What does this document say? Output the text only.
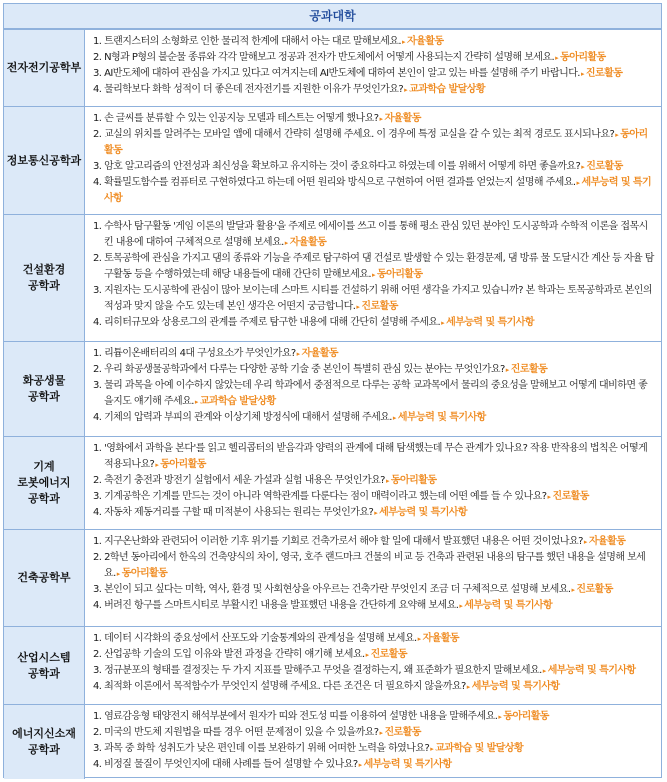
공과대학
전자전기공학부
1. 트랜지스터의 소형화로 인한 물리적 한계에 대해서 아는 대로 말해보세요.▸ 자율활동
2. N형과 P형의 불순물 종류와 각각 말해보고 정공과 전자가 반도체에서 어떻게 사용되는지 간략히 설명해 보세요.▸ 동아리활동
3. AI반도체에 대하여 관심을 가지고 있다고 여겨지는데 AI반도체에 대하여 본인이 알고 있는 바를 설명해 주기 바랍니다.▸ 진로활동
4. 물리학보다 화학 성적이 더 좋은데 전자전기를 지원한 이유가 무엇인가요?▸ 교과학습 발달상황
정보통신공학과
1. 손 글씨를 분류할 수 있는 인공지능 모델과 테스트는 어떻게 했나요?▸ 자율활동
2. 교실의 위치를 알려주는 모바일 앱에 대해서 간략히 설명해 주세요. 이 경우에 특정 교실을 갈 수 있는 최적 경로도 표시되나요?▸ 동아리활동
3. 암호 알고리즘의 안전성과 최신성을 확보하고 유지하는 것이 중요하다고 하였는데 이를 위해서 어떻게 하면 좋을까요?▸ 진로활동
4. 확률밀도함수를 컴퓨터로 구현하였다고 하는데 어떤 원리와 방식으로 구현하여 어떤 결과를 얻었는지 설명해 주세요.▸ 세부능력 및 특기사항
건설환경
공학과
1. 수학사 탐구활동 '게임 이론의 발달과 활용'을 주제로 에세이를 쓰고 이를 통해 평소 관심 있던 분야인 도시공학과 수학적 이론을 접목시킨 내용에 대하여 구체적으로 설명해 보세요.▸ 자율활동
2. 토목공학에 관심을 가지고 댐의 종류와 기능을 주제로 탐구하여 댐 건설로 발생할 수 있는 환경문제, 댐 방류 물 도달시간 계산 등 자율 탐구활동 등을 수행하였는데 해당 내용들에 대해 간단히 말해보세요.▸ 동아리활동
3. 지원자는 도시공학에 관심이 많아 보이는데 스마트 시티를 건설하기 위해 어떤 생각을 가지고 있습니까? 본 학과는 토목공학과로 본인의 적성과 맞지 않을 수도 있는데 본인 생각은 어떤지 궁금합니다.▸ 진로활동
4. 리히터규모와 상용로그의 관계를 주제로 탐구한 내용에 대해 간단히 설명해 주세요.▸ 세부능력 및 특기사항
화공생물
공학과
1. 리튬이온배터리의 4대 구성요소가 무엇인가요?▸ 자율활동
2. 우리 화공생물공학과에서 다루는 다양한 공학 기술 중 본인이 특별히 관심 있는 분야는 무엇인가요?▸ 진로활동
3. 물리 과목을 아예 이수하지 않았는데 우리 학과에서 중점적으로 다루는 공학 교과목에서 물리의 중요성을 말해보고 어떻게 대비하면 좋을지도 얘기해 주세요.▸ 교과학습 발달상황
4. 기체의 압력과 부피의 관계와 이상기체 방정식에 대해서 설명해 주세요.▸ 세부능력 및 특기사항
기계
로봇에너지
공학과
1. '영화에서 과학을 본다'를 읽고 헬리콥터의 받음각과 양력의 관계에 대해 탐색했는데 무슨 관계가 있나요? 작용 반작용의 법칙은 어떻게 적용되나요?▸ 동아리활동
2. 축전기 충전과 방전기 실험에서 세운 가설과 실험 내용은 무엇인가요?▸ 동아리활동
3. 기계공학은 기계를 만드는 것이 아니라 역학관계를 다룬다는 점이 매력이라고 했는데 어떤 예를 들 수 있나요?▸ 진로활동
4. 자동차 제동거리를 구할 때 미적분이 사용되는 원리는 무엇인가요?▸ 세부능력 및 특기사항
건축공학부
1. 지구온난화와 관련되어 이러한 기후 위기를 기회로 건축가로서 해야 할 일에 대해서 발표했던 내용은 어떤 것이었나요?▸ 자율활동
2. 2학년 동아리에서 한옥의 건축양식의 차이, 영국, 호주 랜드마크 건물의 비교 등 건축과 관련된 내용의 탐구를 했던 내용을 설명해 보세요.▸ 동아리활동
3. 본인이 되고 싶다는 미학, 역사, 환경 및 사회현상을 아우르는 건축가란 무엇인지 조금 더 구체적으로 설명해 보세요.▸ 진로활동
4. 버려진 항구를 스마트시티로 부활시킨 내용을 발표했던 내용을 간단하게 요약해 보세요.▸ 세부능력 및 특기사항
산업시스템
공학과
1. 데이터 시각화의 중요성에서 산포도와 기술통계와의 관계성을 설명해 보세요.▸ 자율활동
2. 산업공학 기술의 도입 이유와 발전 과정을 간략히 얘기해 보세요.▸ 진로활동
3. 정규분포의 형태를 결정짓는 두 가지 지표를 말해주고 무엇을 결정하는지, 왜 표준화가 필요한지 말해보세요.▸ 세부능력 및 특기사항
4. 최적화 이론에서 목적함수가 무엇인지 설명해 주세요. 다른 조건은 더 필요하지 않을까요?▸ 세부능력 및 특기사항
에너지신소재
공학과
1. 염료감응형 태양전지 해석부분에서 원자가 띠와 전도성 띠를 이용하여 설명한 내용을 말해주세요.▸ 동아리활동
2. 미국의 반도체 지원법을 따를 경우 어떤 문제점이 있을 수 있을까요?▸ 진로활동
3. 과목 중 화학 성취도가 낮은 편인데 이를 보완하기 위해 어떠한 노력을 하였나요?▸ 교과학습 및 발달상황
4. 비정질 물질이 무엇인지에 대해 사례를 들어 설명할 수 있나요?▸ 세부능력 및 특기사항
